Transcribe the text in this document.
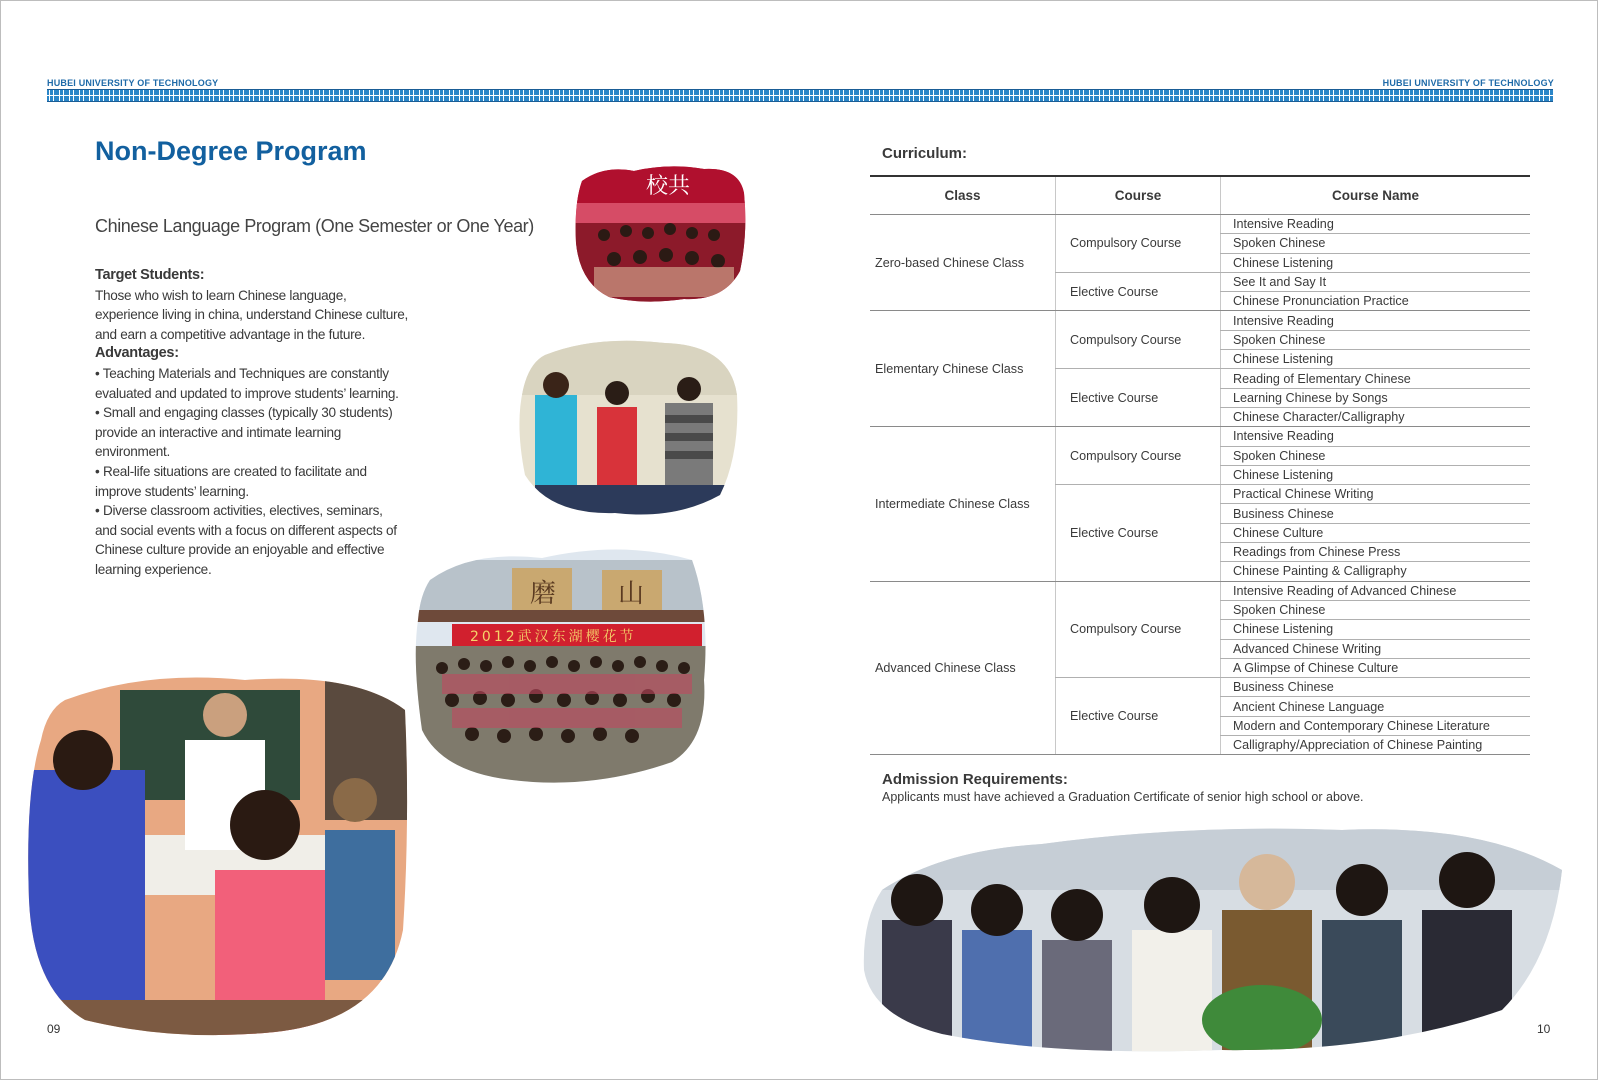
HUBEI UNIVERSITY OF TECHNOLOGY	HUBEI UNIVERSITY OF TECHNOLOGY
Non-Degree Program
Chinese Language Program (One Semester or One Year)
Target Students:
Those who wish to learn Chinese language,
experience living in china, understand Chinese culture,
and earn a competitive advantage in the future.
Advantages:
• Teaching Materials and Techniques are constantly
evaluated and updated to improve students’ learning.
• Small and engaging classes (typically 30 students)
provide an interactive and intimate learning
environment.
• Real-life situations are created to facilitate and
improve students’ learning.
• Diverse classroom activities, electives, seminars,
and social events with a focus on different aspects of
Chinese culture provide an enjoyable and effective
learning experience.
校共
磨 山
2012武汉东湖樱花节
09
Curriculum:
Class	Course	Course Name
Zero-based Chinese Class	Compulsory Course	Intensive Reading
		Spoken Chinese
		Chinese Listening
	Elective Course	See It and Say It
		Chinese Pronunciation Practice
Elementary Chinese Class	Compulsory Course	Intensive Reading
		Spoken Chinese
		Chinese Listening
	Elective Course	Reading of Elementary Chinese
		Learning Chinese by Songs
		Chinese Character/Calligraphy
Intermediate Chinese Class	Compulsory Course	Intensive Reading
		Spoken Chinese
		Chinese Listening
	Elective Course	Practical Chinese Writing
		Business Chinese
		Chinese Culture
		Readings from Chinese Press
		Chinese Painting & Calligraphy
Advanced Chinese Class	Compulsory Course	Intensive Reading of Advanced Chinese
		Spoken Chinese
		Chinese Listening
		Advanced Chinese Writing
		A Glimpse of Chinese Culture
	Elective Course	Business Chinese
		Ancient Chinese Language
		Modern and Contemporary Chinese Literature
		Calligraphy/Appreciation of Chinese Painting
Admission Requirements:
Applicants must have achieved a Graduation Certificate of senior high school or above.
10
